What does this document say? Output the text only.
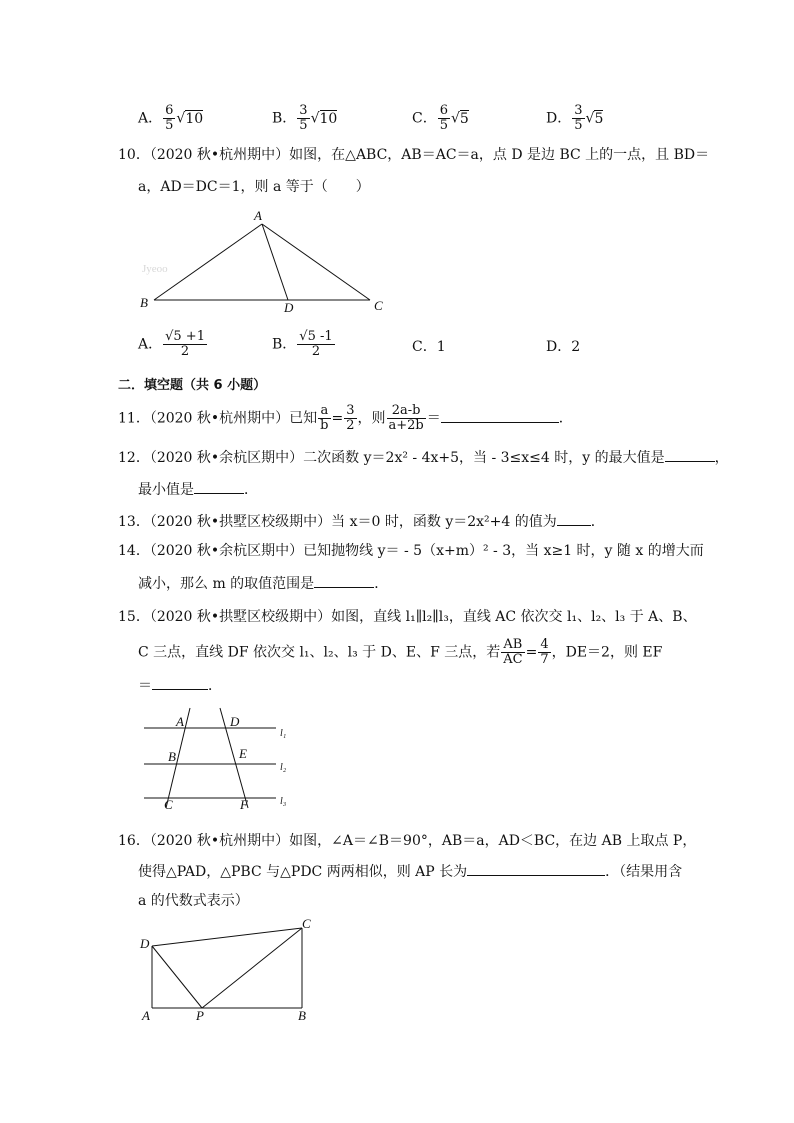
A． $\frac{6}{5} √10$	B． $\frac{3}{5} √10$	C． $\frac{6}{5} √5$	D． $\frac{3}{5} √5$
10．（2020 秋•杭州期中）如图，在△ABC，AB＝AC＝a，点 D 是边 BC 上的一点，且 BD＝
a，AD＝DC＝1，则 a 等于（　　）
A
B	C
D
Jyeoo
A． $\frac{√5 +1}{2}$	B． $\frac{√5 -1}{2}$	C．1	D．2
二．填空题（共 6 小题）
11．（2020 秋•杭州期中）已知 $\frac{a}{b} = \frac{3}{2}$ ，则 $\frac{2a-b}{a+2b}$ ＝	．
12．（2020 秋•余杭区期中）二次函数 y＝2x² - 4x+5，当 - 3≤x≤4 时，y 的最大值是	，
最小值是	．
13．（2020 秋•拱墅区校级期中）当 x＝0 时，函数 y＝2x²+4 的值为 ．
14．（2020 秋•余杭区期中）已知抛物线 y＝ - 5（x+m）² - 3，当 x≥1 时，y 随 x 的增大而
减小，那么 m 的取值范围是	．
15．（2020 秋•拱墅区校级期中）如图，直线 l₁∥l₂∥l₃，直线 AC 依次交 l₁、l₂、l₃ 于 A、B、
C 三点，直线 DF 依次交 l₁、l₂、l₃ 于 D、E、F 三点，若 $\frac{AB}{AC} = \frac{4}{7}$ ，DE＝2，则 EF
＝	．
A	D
B	E
C	F
l₁
l₂
l₃
16．（2020 秋•杭州期中）如图，∠A＝∠B＝90°，AB＝a，AD＜BC，在边 AB 上取点 P，
使得△PAD，△PBC 与△PDC 两两相似，则 AP 长为	．（结果用含
a 的代数式表示）
D
C
A	P	B
